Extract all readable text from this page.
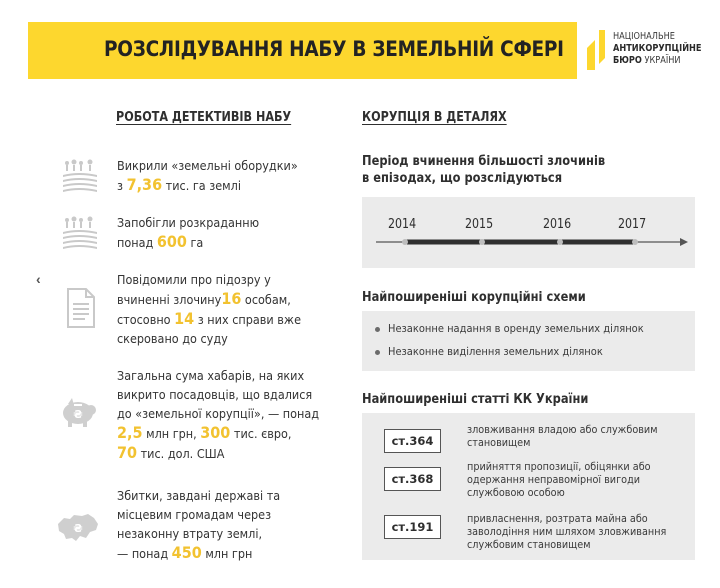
РОЗСЛІДУВАННЯ НАБУ В ЗЕМЕЛЬНІЙ СФЕРІ
НАЦІОНАЛЬНЕ
АНТИКОРУПЦІЙНЕ
БЮРО УКРАЇНИ
РОБОТА ДЕТЕКТИВІВ НАБУ
‹
Викрили «земельні оборудки»
з 7,36 тис. га землі
Запобігли розкраданню
понад 600 га
Повідомили про підозру у
вчиненні злочину16 особам,
стосовно 14 з них справи вже
скеровано до суду
₴
Загальна сума хабарів, на яких
викрито посадовців, що вдалися
до «земельної корупції», — понад
2,5 млн грн, 300 тис. євро,
70 тис. дол. США
₴
Збитки, завдані державі та
місцевим громадам через
незаконну втрату землі,
— понад 450 млн грн
КОРУПЦІЯ В ДЕТАЛЯХ
Період вчинення більшості злочинів
в епізодах, що розслідуються
2014	2015	2016	2017
Найпоширеніші корупційні схеми
Незаконне надання в оренду земельних ділянок
Незаконне виділення земельних ділянок
Найпоширеніші статті КК України
ст.364
зловживання владою або службовим
становищем
ст.368
прийняття пропозиції, обіцянки або
одержання неправомірної вигоди
службовою особою
ст.191
привласнення, розтрата майна або
заволодіння ним шляхом зловживання
службовим становищем
